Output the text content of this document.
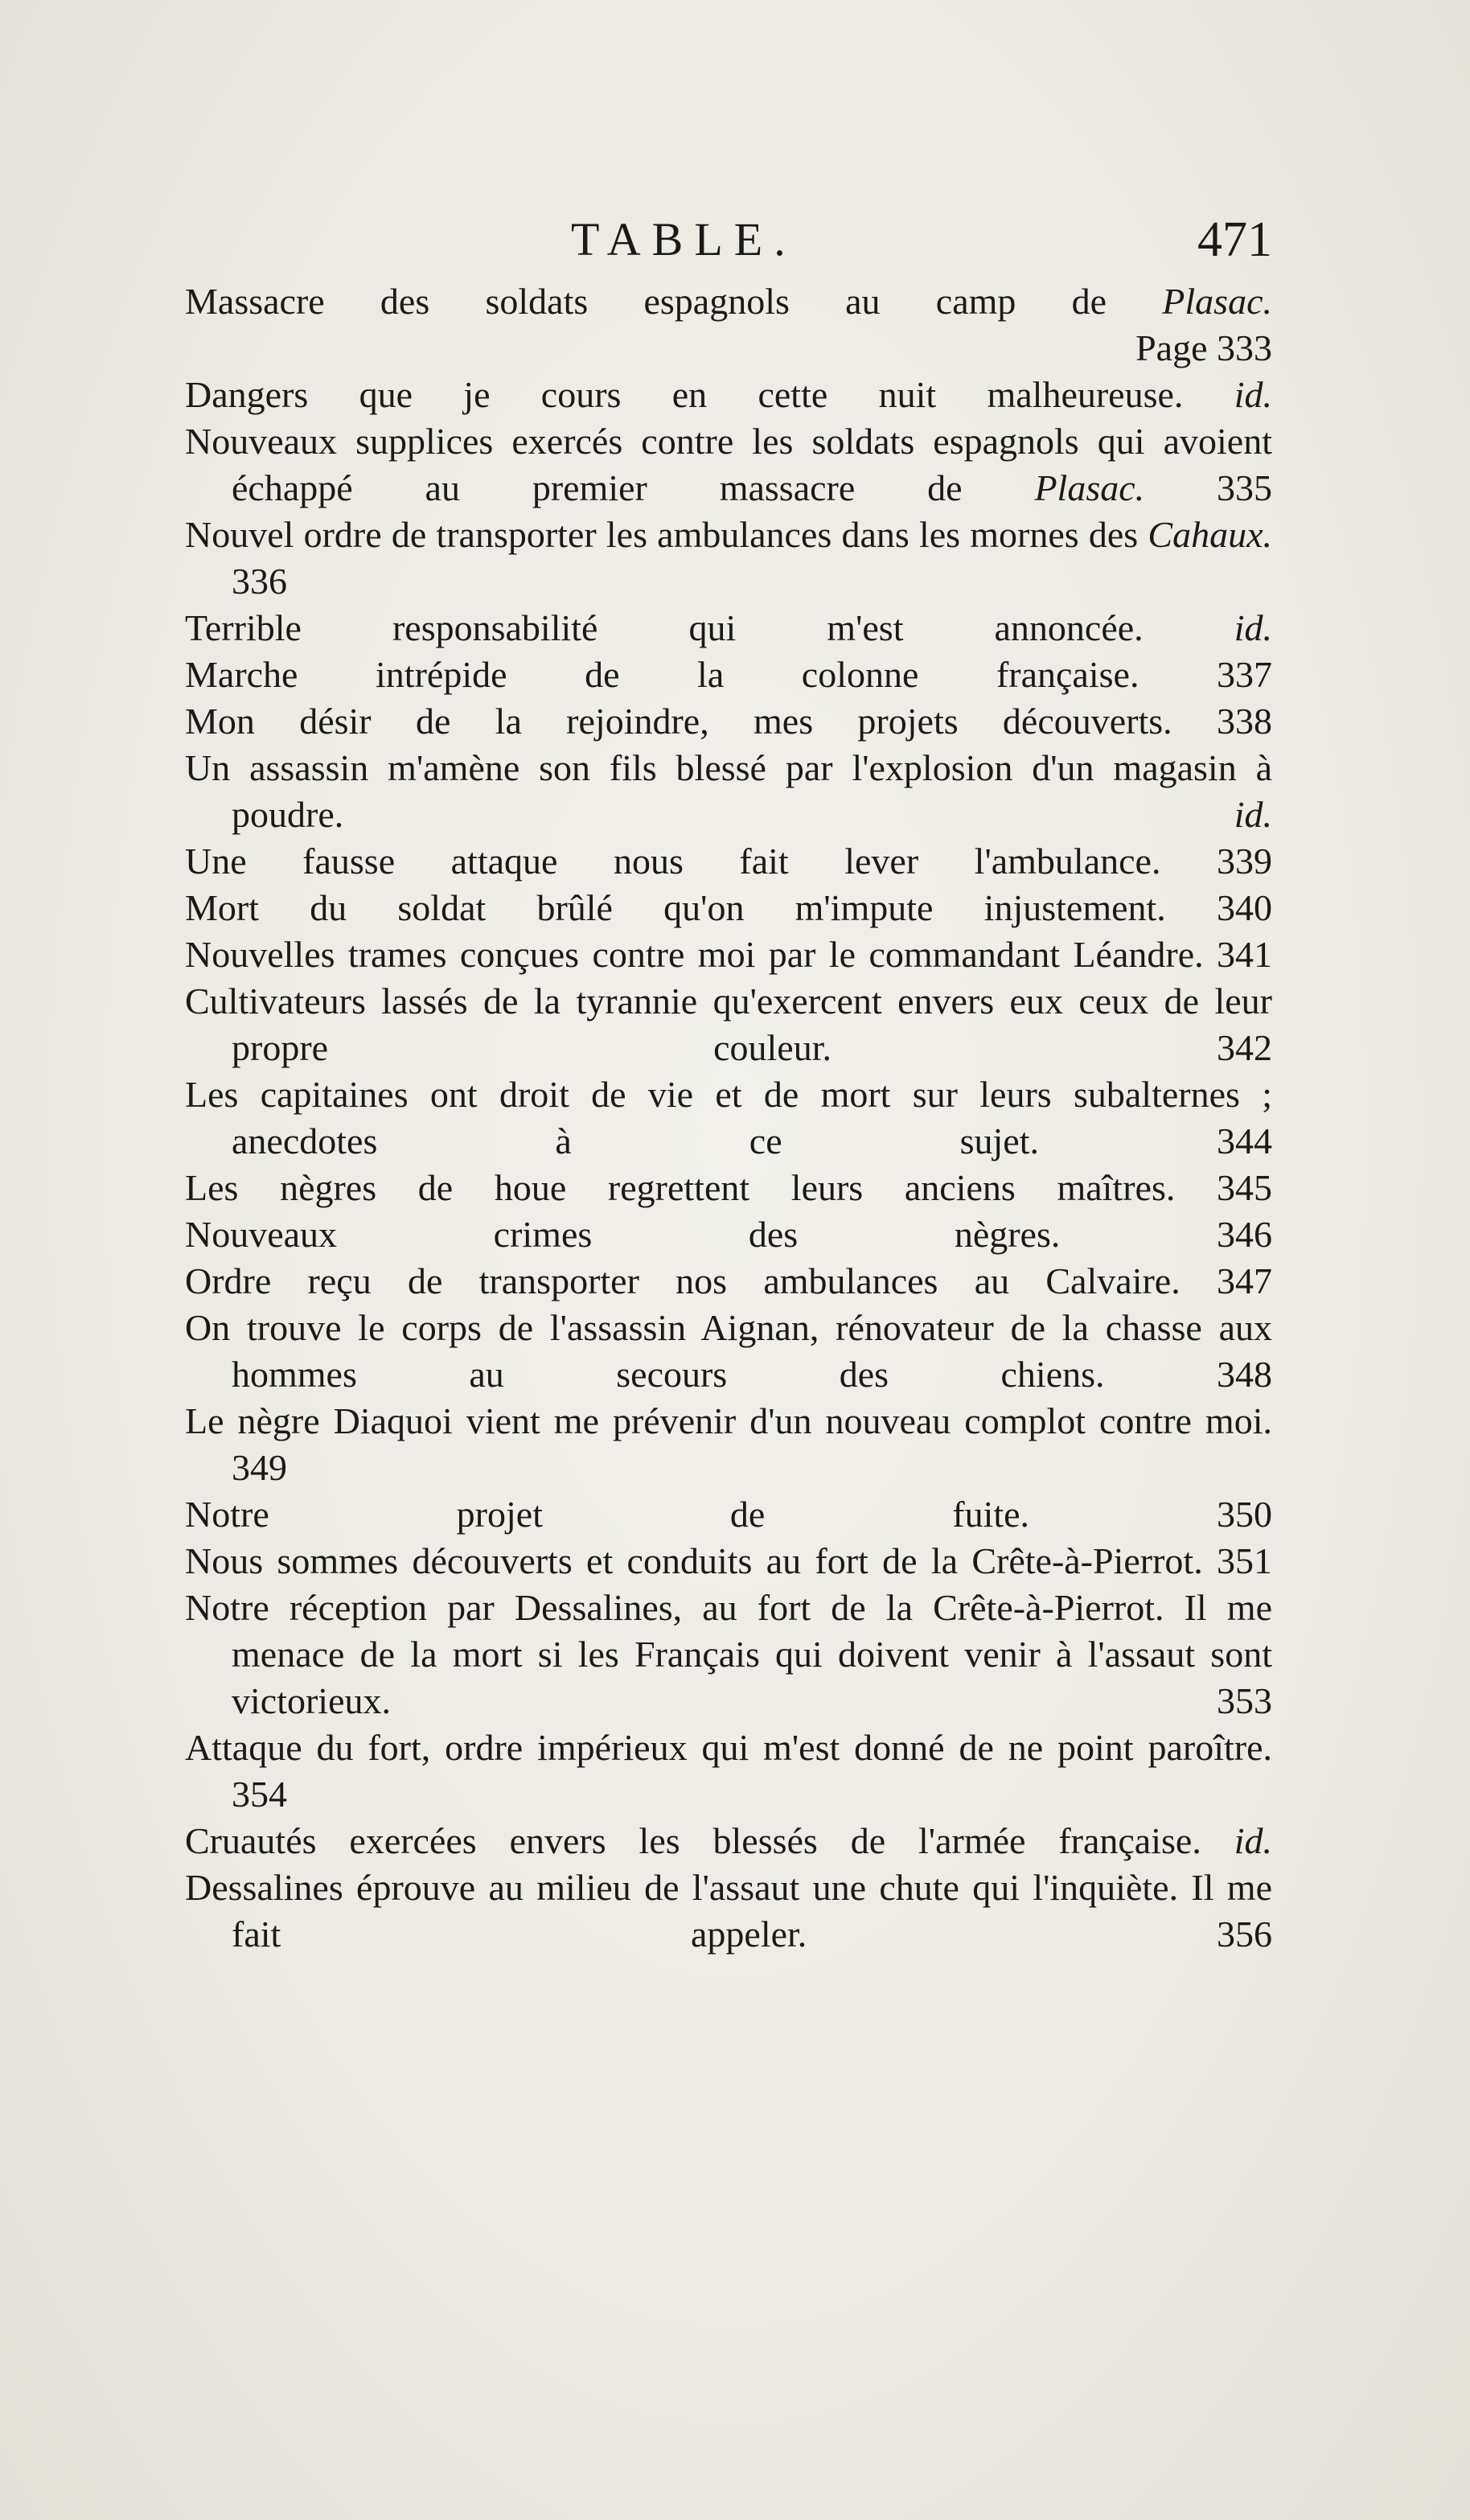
TABLE.	471
Massacre des soldats espagnols au camp de Plasac.
Page 333
Dangers que je cours en cette nuit malheureuse. id.
Nouveaux supplices exercés contre les soldats espagnols qui avoient échappé au premier massacre de Plasac. 335
Nouvel ordre de transporter les ambulances dans les mornes des Cahaux. 336
Terrible responsabilité qui m'est annoncée. id.
Marche intrépide de la colonne française. 337
Mon désir de la rejoindre, mes projets découverts. 338
Un assassin m'amène son fils blessé par l'explosion d'un magasin à poudre.	id.
Une fausse attaque nous fait lever l'ambulance. 339
Mort du soldat brûlé qu'on m'impute injustement. 340
Nouvelles trames conçues contre moi par le commandant Léandre. 341
Cultivateurs lassés de la tyrannie qu'exercent envers eux ceux de leur propre couleur.	342
Les capitaines ont droit de vie et de mort sur leurs subalternes ; anecdotes à ce sujet.	344
Les nègres de houe regrettent leurs anciens maîtres. 345
Nouveaux crimes des nègres.	346
Ordre reçu de transporter nos ambulances au Calvaire. 347
On trouve le corps de l'assassin Aignan, rénovateur de la chasse aux hommes au secours des chiens.	348
Le nègre Diaquoi vient me prévenir d'un nouveau complot contre moi. 349
Notre projet de fuite.	350
Nous sommes découverts et conduits au fort de la Crête-à-Pierrot. 351
Notre réception par Dessalines, au fort de la Crête-à-Pierrot. Il me menace de la mort si les Français qui doivent venir à l'assaut sont victorieux.	353
Attaque du fort, ordre impérieux qui m'est donné de ne point paroître. 354
Cruautés exercées envers les blessés de l'armée française. id.
Dessalines éprouve au milieu de l'assaut une chute qui l'inquiète. Il me fait appeler.	356
